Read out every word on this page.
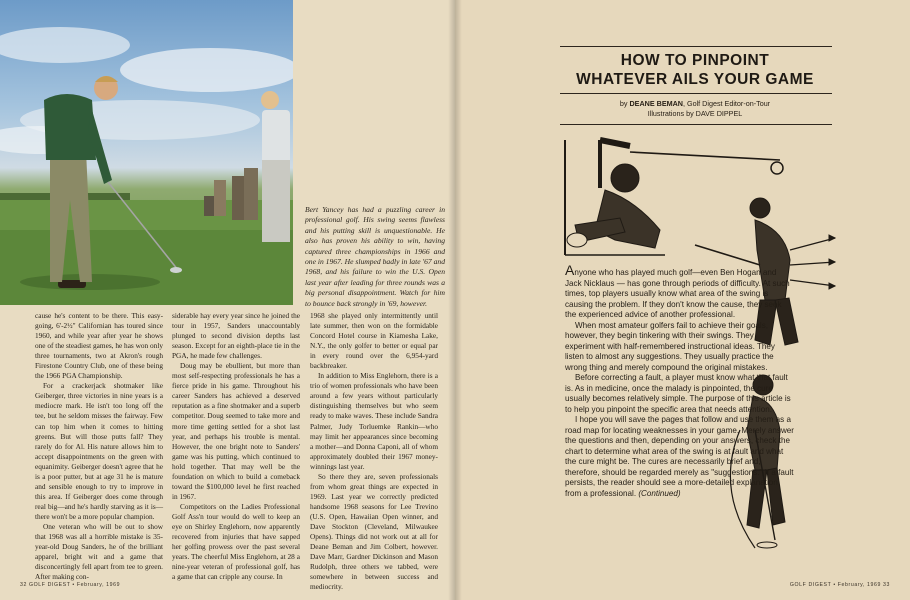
Bert Yancey has had a puzzling career in professional golf. His swing seems flawless and his putting skill is unquestionable. He also has proven his ability to win, having captured three championships in 1966 and one in 1967. He slumped badly in late '67 and 1968, and his failure to win the U.S. Open last year after leading for three rounds was a big personal disappointment. Watch for him to bounce back strongly in '69, however.

cause he's content to be there. This easy-going, 6'-2½" Californian has toured since 1960, and while year after year he shows one of the steadiest games, he has won only three tournaments, two at Akron's rough Firestone Country Club, one of these being the 1966 PGA Championship.

For a crackerjack shotmaker like Geiberger, three victories in nine years is a mediocre mark. He isn't too long off the tee, but he seldom misses the fairway. Few can top him when it comes to hitting greens. But will those putts fall? They rarely do for Al. His nature allows him to accept disappointments on the green with equanimity. Geiberger doesn't agree that he is a poor putter, but at age 31 he is mature and sensible enough to try to improve in this area. If Geiberger does come through real big—and he's hardly starving as it is—there won't be a more popular champion.

One veteran who will be out to show that 1968 was all a horrible mistake is 35-year-old Doug Sanders, he of the brilliant apparel, bright wit and a game that disconcertingly fell apart from tee to green. After making con-

siderable hay every year since he joined the tour in 1957, Sanders unaccountably plunged to second division depths last season. Except for an eighth-place tie in the PGA, he made few challenges.

Doug may be ebullient, but more than most self-respecting professionals he has a fierce pride in his game. Throughout his career Sanders has achieved a deserved reputation as a fine shotmaker and a superb competitor. Doug seemed to take more and more time getting settled for a shot last year, and perhaps his trouble is mental. However, the one bright note to Sanders' game was his putting, which continued to hold together. That may well be the foundation on which to build a comeback toward the $100,000 level he first reached in 1967.

Competitors on the Ladies Professional Golf Ass'n tour would do well to keep an eye on Shirley Englehorn, now apparently recovered from injuries that have sapped her golfing prowess over the past several years. The cheerful Miss Englehorn, at 28 a nine-year veteran of professional golf, has a game that can cripple any course. In

1968 she played only intermittently until late summer, then won on the formidable Concord Hotel course in Kiamesha Lake, N.Y., the only golfer to better or equal par in every round over the 6,954-yard backbreaker.

In addition to Miss Englehorn, there is a trio of women professionals who have been around a few years without particularly distinguishing themselves but who seem ready to make waves. These include Sandra Palmer, Judy Torluemke Rankin—who may limit her appearances since becoming a mother—and Donna Caponi, all of whom approximately doubled their 1967 money-winnings last year.

So there they are, seven professionals from whom great things are expected in 1969. Last year we correctly predicted handsome 1968 seasons for Lee Trevino (U.S. Open, Hawaiian Open winner, and Dave Stockton (Cleveland, Milwaukee Opens). Things did not work out at all for Deane Beman and Jim Colbert, however. Dave Marr, Gardner Dickinson and Mason Rudolph, three others we tabbed, were somewhere in between success and mediocrity.

32 GOLF DIGEST • February, 1969
HOW TO PINPOINT
WHATEVER AILS YOUR GAME
by DEANE BEMAN, Golf Digest Editor-on-Tour
Illustrations by DAVE DIPPEL

Anyone who has played much golf—even Ben Hogan and Jack Nicklaus — has gone through periods of difficulty. At such times, top players usually know what area of the swing is causing the problem. If they don't know the cause, they seek the experienced advice of another professional.

When most amateur golfers fail to achieve their goals, however, they begin tinkering with their swings. They experiment with half-remembered instructional ideas. They listen to almost any suggestions. They usually practice the wrong thing and merely compound the original mistakes.

Before correcting a fault, a player must know what that fault is. As in medicine, once the malady is pinpointed, the cure usually becomes relatively simple. The purpose of this article is to help you pinpoint the specific area that needs attention.

I hope you will save the pages that follow and use them as a road map for locating weaknesses in your game. Merely answer the questions and then, depending on your answers, check the chart to determine what area of the swing is at fault and what the cure might be. The cures are necessarily brief and, therefore, should be regarded merely as "suggestions." If a fault persists, the reader should see a more-detailed explanation from a professional. (Continued)

GOLF DIGEST • February, 1969 33
